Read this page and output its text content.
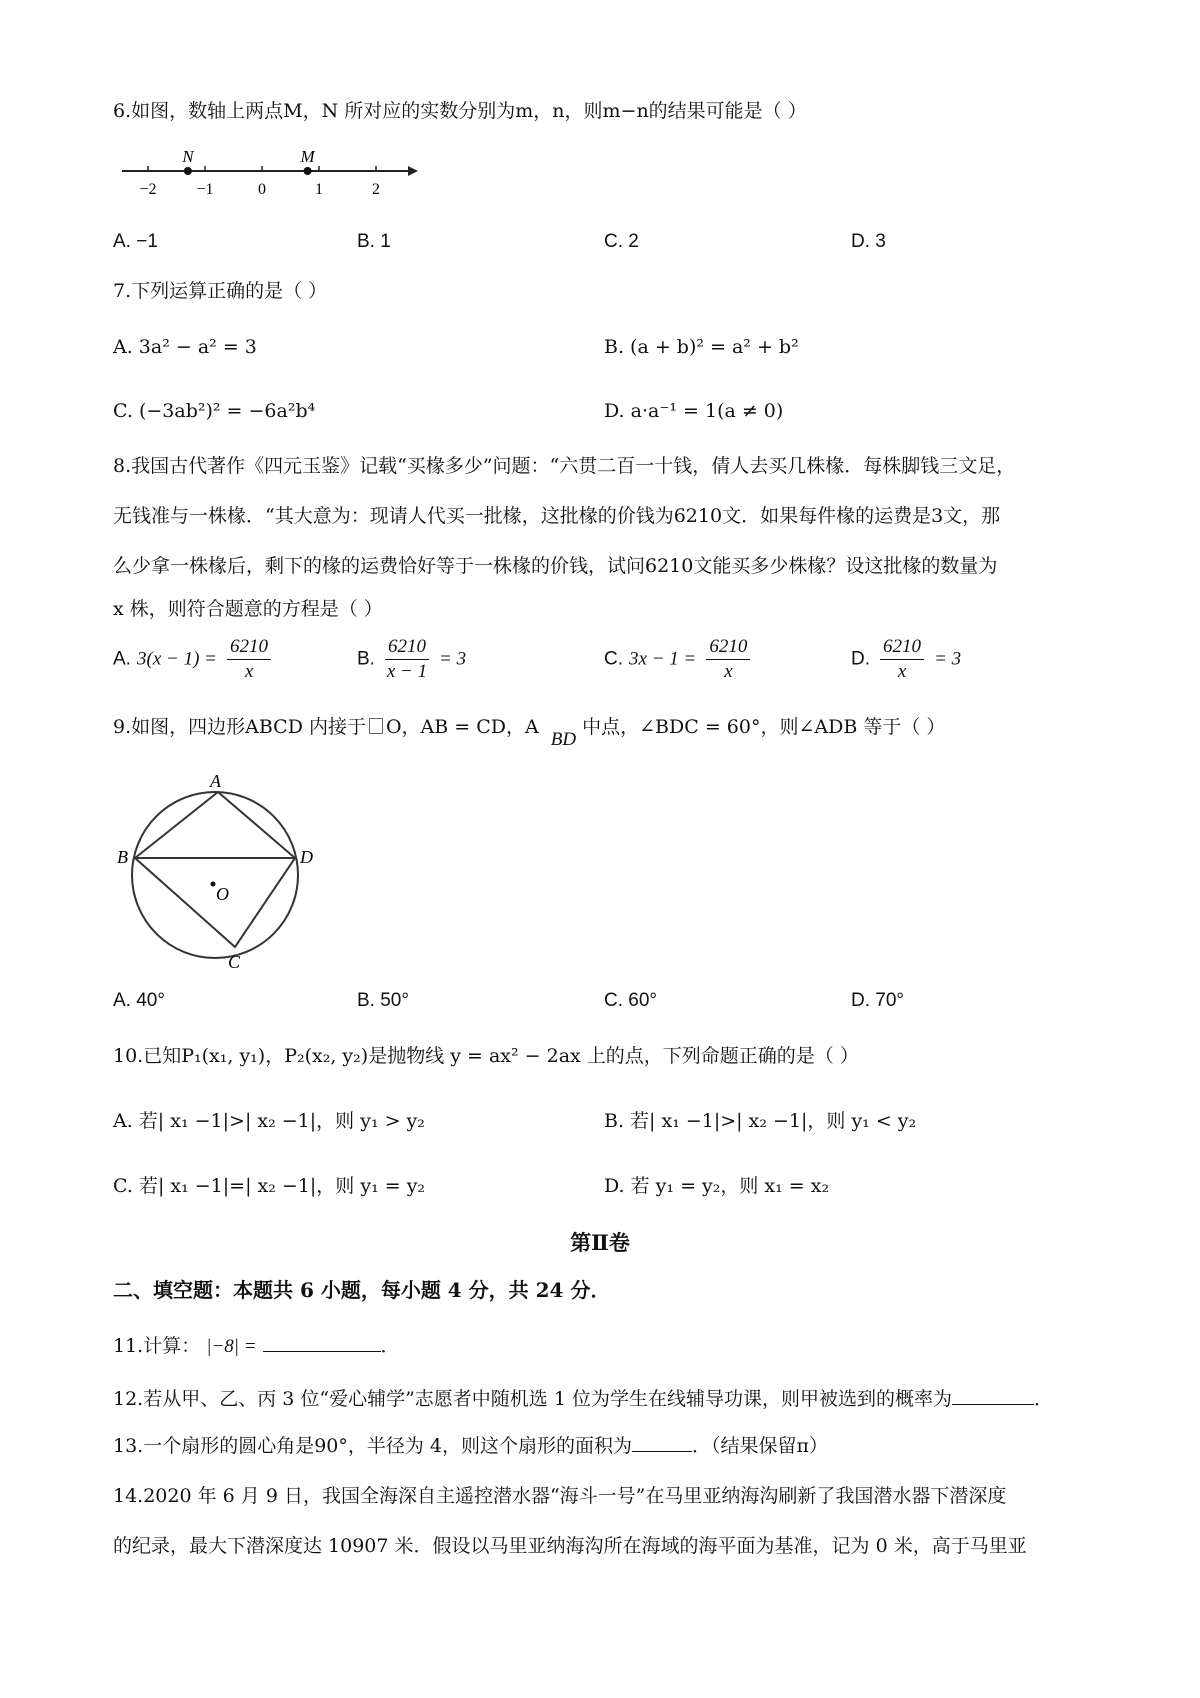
6.如图，数轴上两点M，N 所对应的实数分别为m，n，则m−n的结果可能是（ ）
−2 −1	0	1	2
N	M
A. −1	B. 1	C. 2	D. 3
7.下列运算正确的是（ ）
A. 3a² − a² = 3	B. (a + b)² = a² + b²
C. (−3ab²)² = −6a²b⁴	D. a·a⁻¹ = 1(a ≠ 0)
8.我国古代著作《四元玉鉴》记载“买椽多少”问题：“六贯二百一十钱，倩人去买几株椽．每株脚钱三文足，
无钱准与一株椽．“其大意为：现请人代买一批椽，这批椽的价钱为6210文．如果每件椽的运费是3文，那
么少拿一株椽后，剩下的椽的运费恰好等于一株椽的价钱，试问6210文能买多少株椽？设这批椽的数量为
x 株，则符合题意的方程是（ ）
A. $3(x - 1) = \frac{6210}{x}$	B. $\frac{6210}{x - 1} = 3$	C. $3x - 1 = \frac{6210}{x}$	D. $\frac{6210}{x} = 3$
9.如图，四边形ABCD 内接于 O，AB = CD，A BD中点，∠BDC = 60°，则∠ADB 等于（ ）
A
B
C
D
O
A. 40°	B. 50°	C. 60°	D. 70°
10.已知P₁(x₁, y₁)，P₂(x₂, y₂)是抛物线 y = ax² − 2ax 上的点，下列命题正确的是（ ）
A. 若| x₁ −1|>| x₂ −1|，则 y₁ > y₂	B. 若| x₁ −1|>| x₂ −1|，则 y₁ < y₂
C. 若| x₁ −1|=| x₂ −1|，则 y₁ = y₂	D. 若 y₁ = y₂，则 x₁ = x₂
第Ⅱ卷
二、填空题：本题共 6 小题，每小题 4 分，共 24 分．
11.计算： |−8| =	．
12.若从甲、乙、丙 3 位“爱心辅学”志愿者中随机选 1 位为学生在线辅导功课，则甲被选到的概率为	．
13.一个扇形的圆心角是90°，半径为 4，则这个扇形的面积为	．（结果保留π）
14.2020 年 6 月 9 日，我国全海深自主遥控潜水器“海斗一号”在马里亚纳海沟刷新了我国潜水器下潜深度
的纪录，最大下潜深度达 10907 米．假设以马里亚纳海沟所在海域的海平面为基准，记为 0 米，高于马里亚
